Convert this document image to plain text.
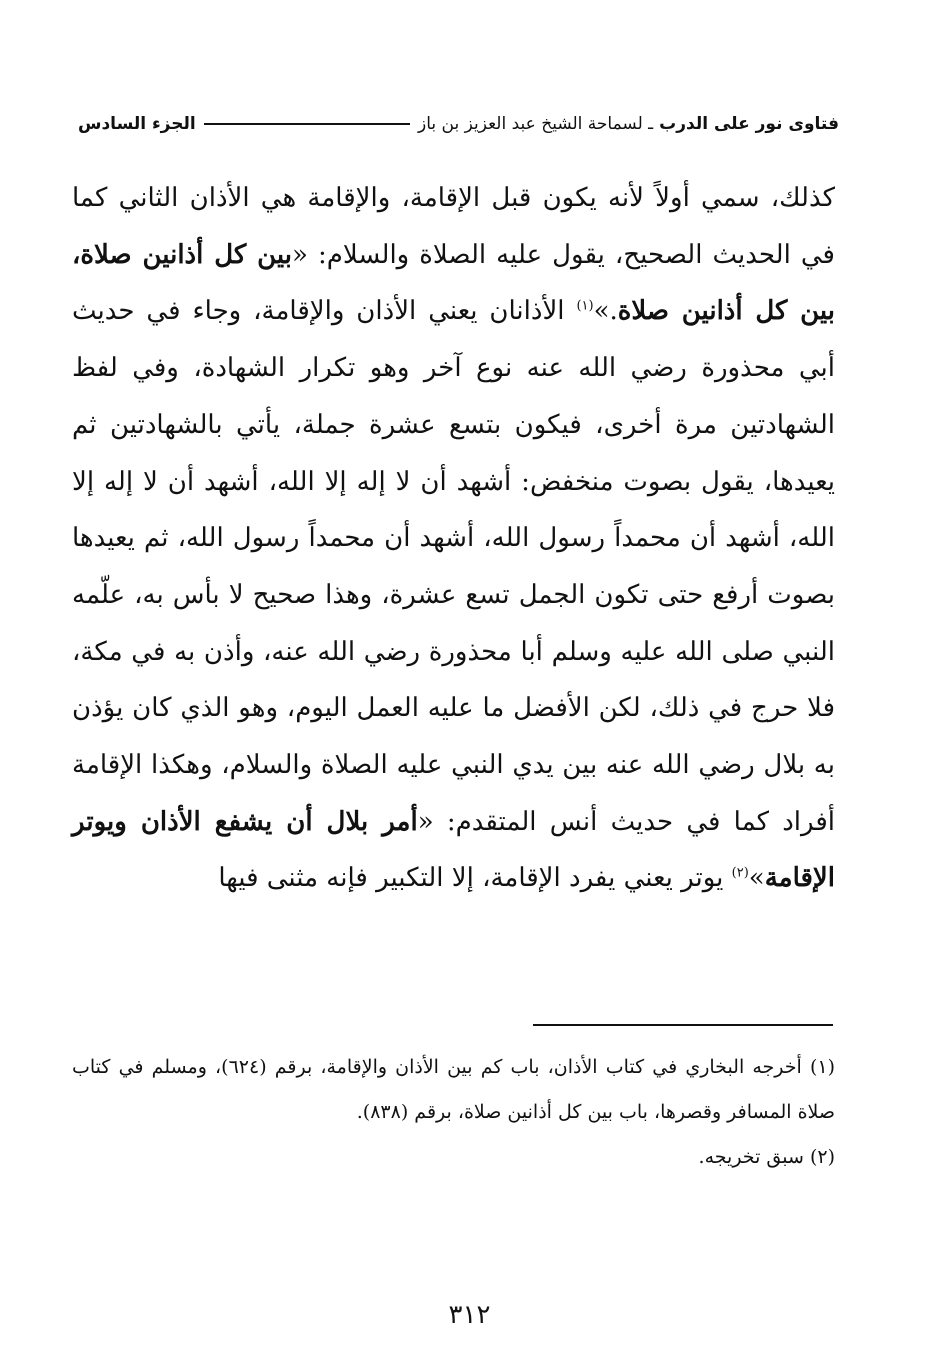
فتاوى نور على الدرب
ـ لسماحة الشيخ عبد العزيز بن باز
الجزء السادس
كذلك، سمي أولاً لأنه يكون قبل الإقامة، والإقامة هي الأذان الثاني كما في الحديث الصحيح، يقول عليه الصلاة والسلام: «بين كل أذانين صلاة، بين كل أذانين صلاة.»$^{(١)}$ الأذانان يعني الأذان والإقامة، وجاء في حديث أبي محذورة رضي الله عنه نوع آخر وهو تكرار الشهادة، وفي لفظ الشهادتين مرة أخرى، فيكون بتسع عشرة جملة، يأتي بالشهادتين ثم يعيدها، يقول بصوت منخفض: أشهد أن لا إله إلا الله، أشهد أن لا إله إلا الله، أشهد أن محمداً رسول الله، أشهد أن محمداً رسول الله، ثم يعيدها بصوت أرفع حتى تكون الجمل تسع عشرة، وهذا صحيح لا بأس به، علّمه النبي صلى الله عليه وسلم أبا محذورة رضي الله عنه، وأذن به في مكة، فلا حرج في ذلك، لكن الأفضل ما عليه العمل اليوم، وهو الذي كان يؤذن به بلال رضي الله عنه بين يدي النبي عليه الصلاة والسلام، وهكذا الإقامة أفراد كما في حديث أنس المتقدم: «أمر بلال أن يشفع الأذان ويوتر الإقامة»$^{(٢)}$ يوتر يعني يفرد الإقامة، إلا التكبير فإنه مثنى فيها

(١) أخرجه البخاري في كتاب الأذان، باب كم بين الأذان والإقامة، برقم (٦٢٤)، ومسلم في كتاب صلاة المسافر وقصرها، باب بين كل أذانين صلاة، برقم (٨٣٨).

(٢) سبق تخريجه.

٣١٢
